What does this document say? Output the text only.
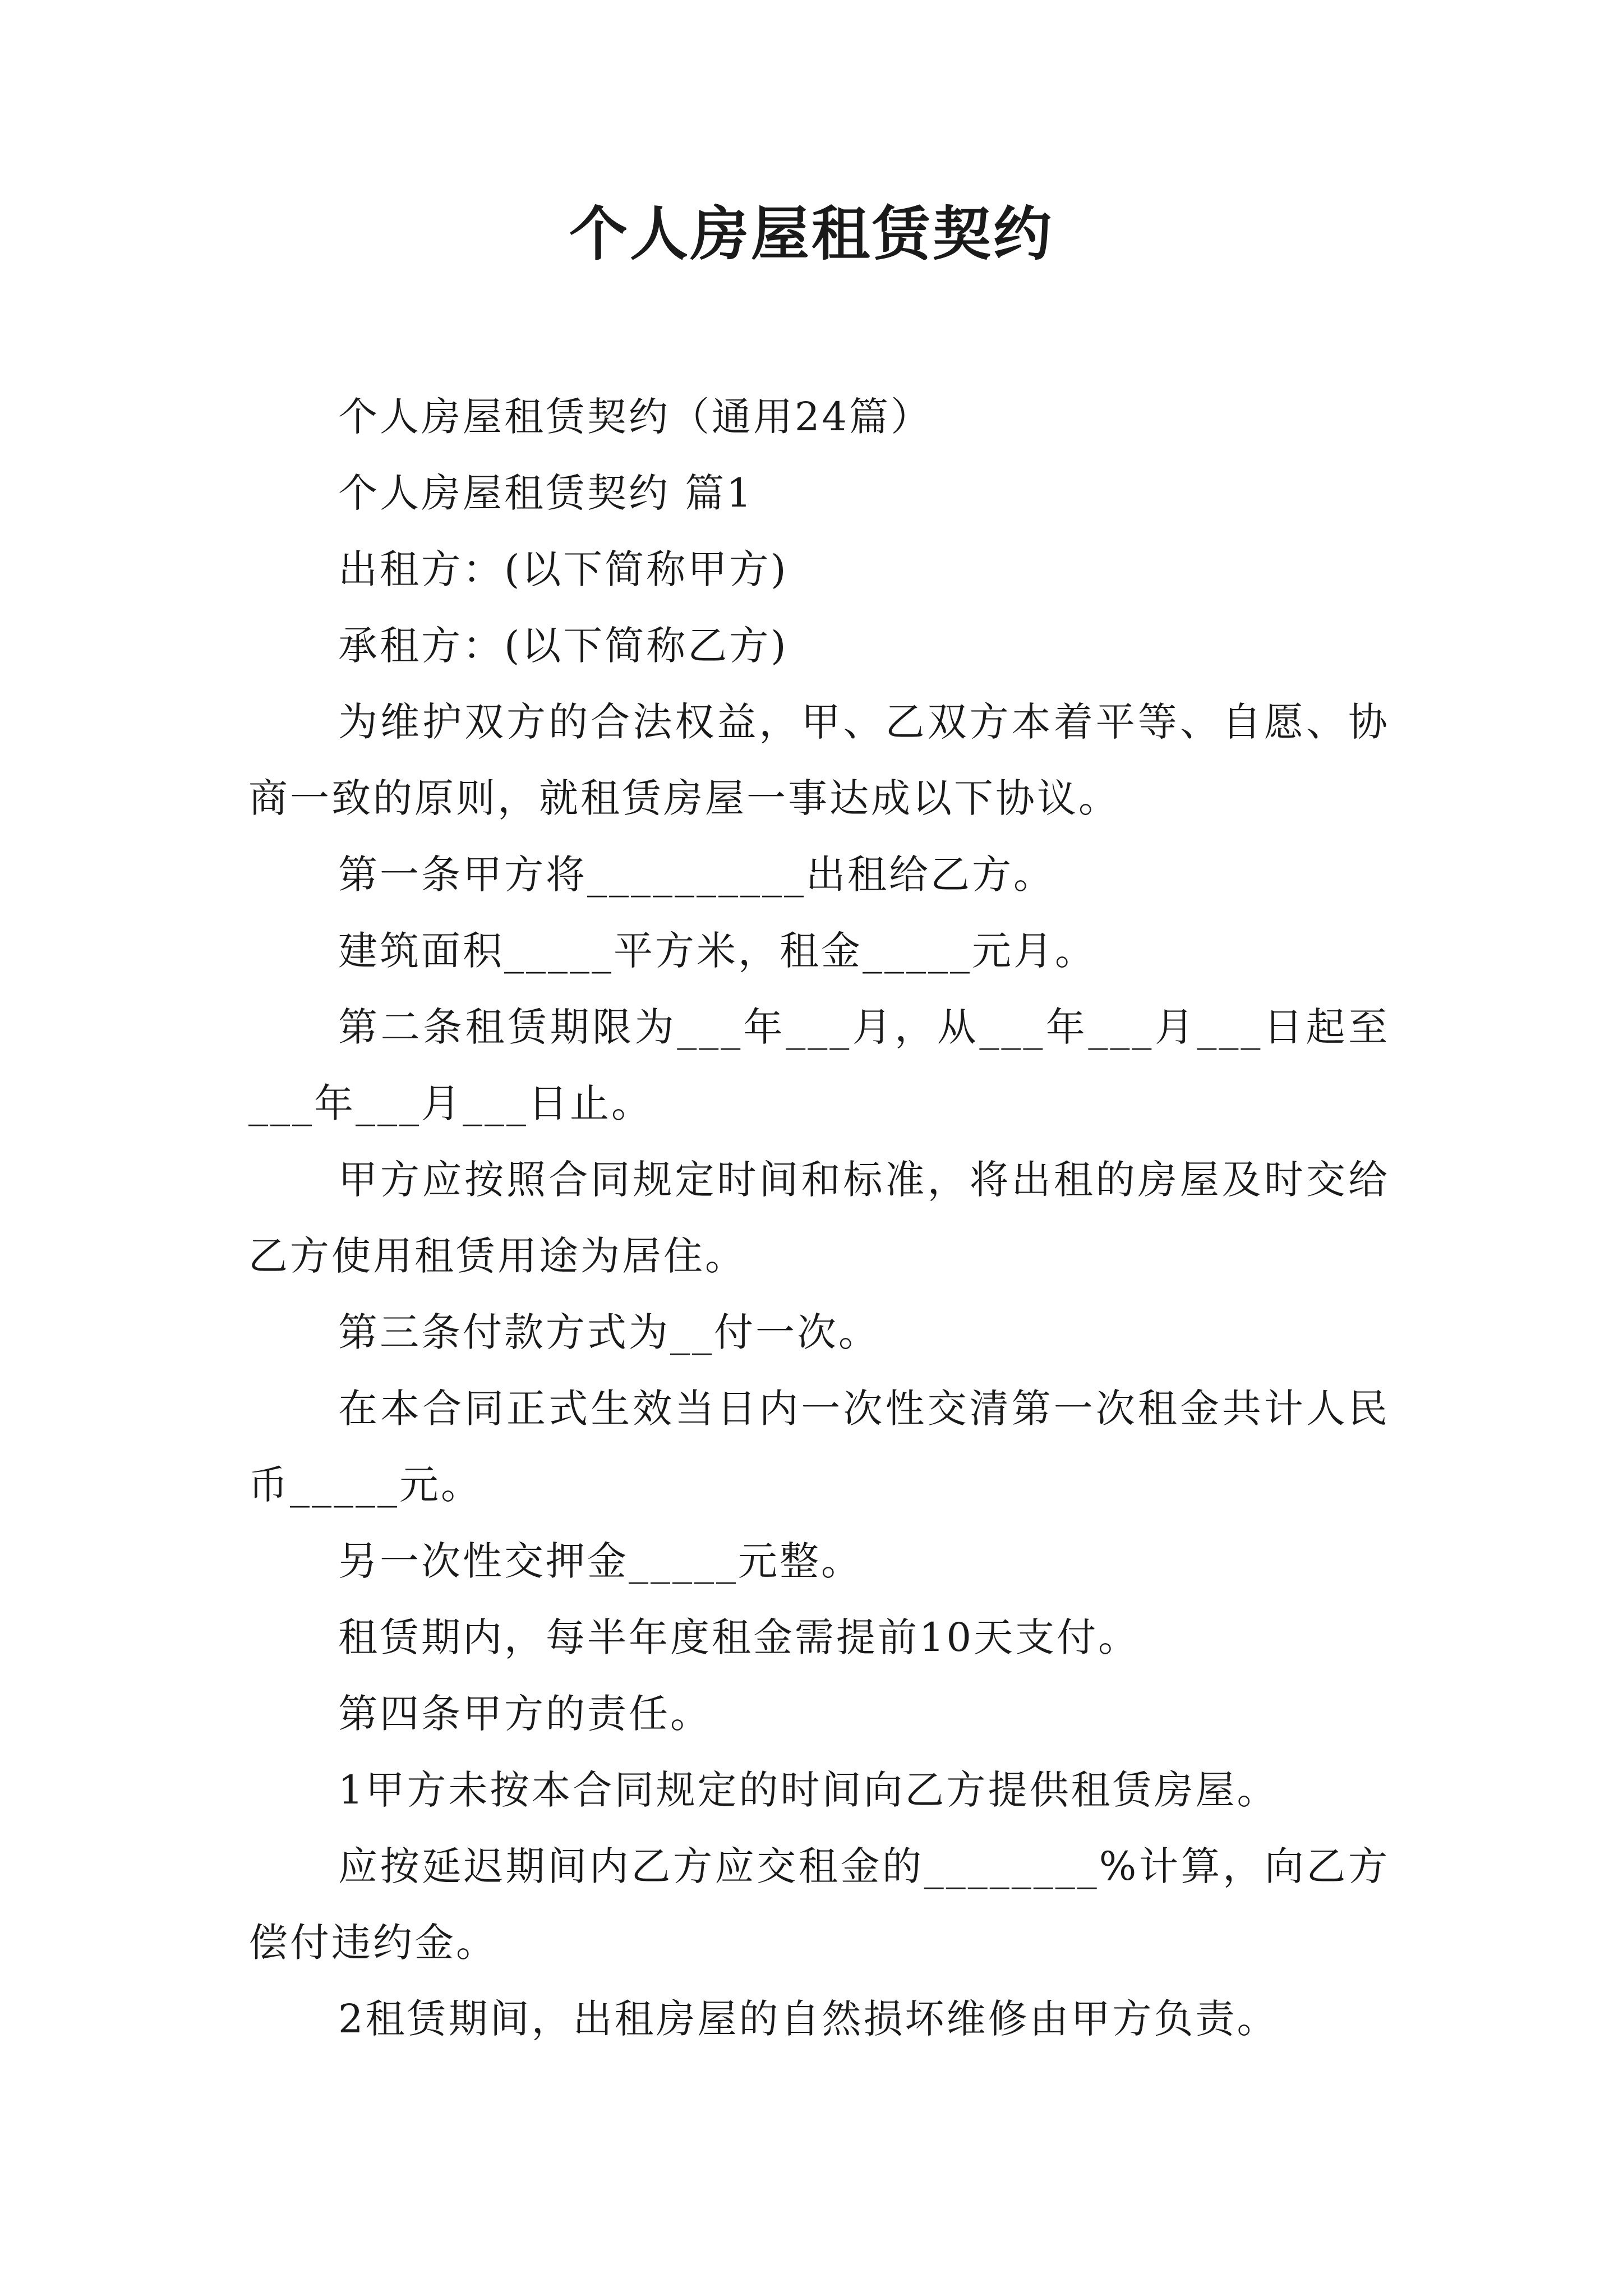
个人房屋租赁契约

个人房屋租赁契约（通用24篇）

个人房屋租赁契约 篇1

出租方：(以下简称甲方)

承租方：(以下简称乙方)

为维护双方的合法权益，甲、乙双方本着平等、自愿、协商一致的原则，就租赁房屋一事达成以下协议。

第一条甲方将__________出租给乙方。

建筑面积_____平方米，租金_____元月。

第二条租赁期限为___年___月，从___年___月___日起至___年___月___日止。

甲方应按照合同规定时间和标准，将出租的房屋及时交给乙方使用租赁用途为居住。

第三条付款方式为__付一次。

在本合同正式生效当日内一次性交清第一次租金共计人民币_____元。

另一次性交押金_____元整。

租赁期内，每半年度租金需提前10天支付。

第四条甲方的责任。

1甲方未按本合同规定的时间向乙方提供租赁房屋。

应按延迟期间内乙方应交租金的________%计算，向乙方偿付违约金。

2租赁期间，出租房屋的自然损坏维修由甲方负责。
